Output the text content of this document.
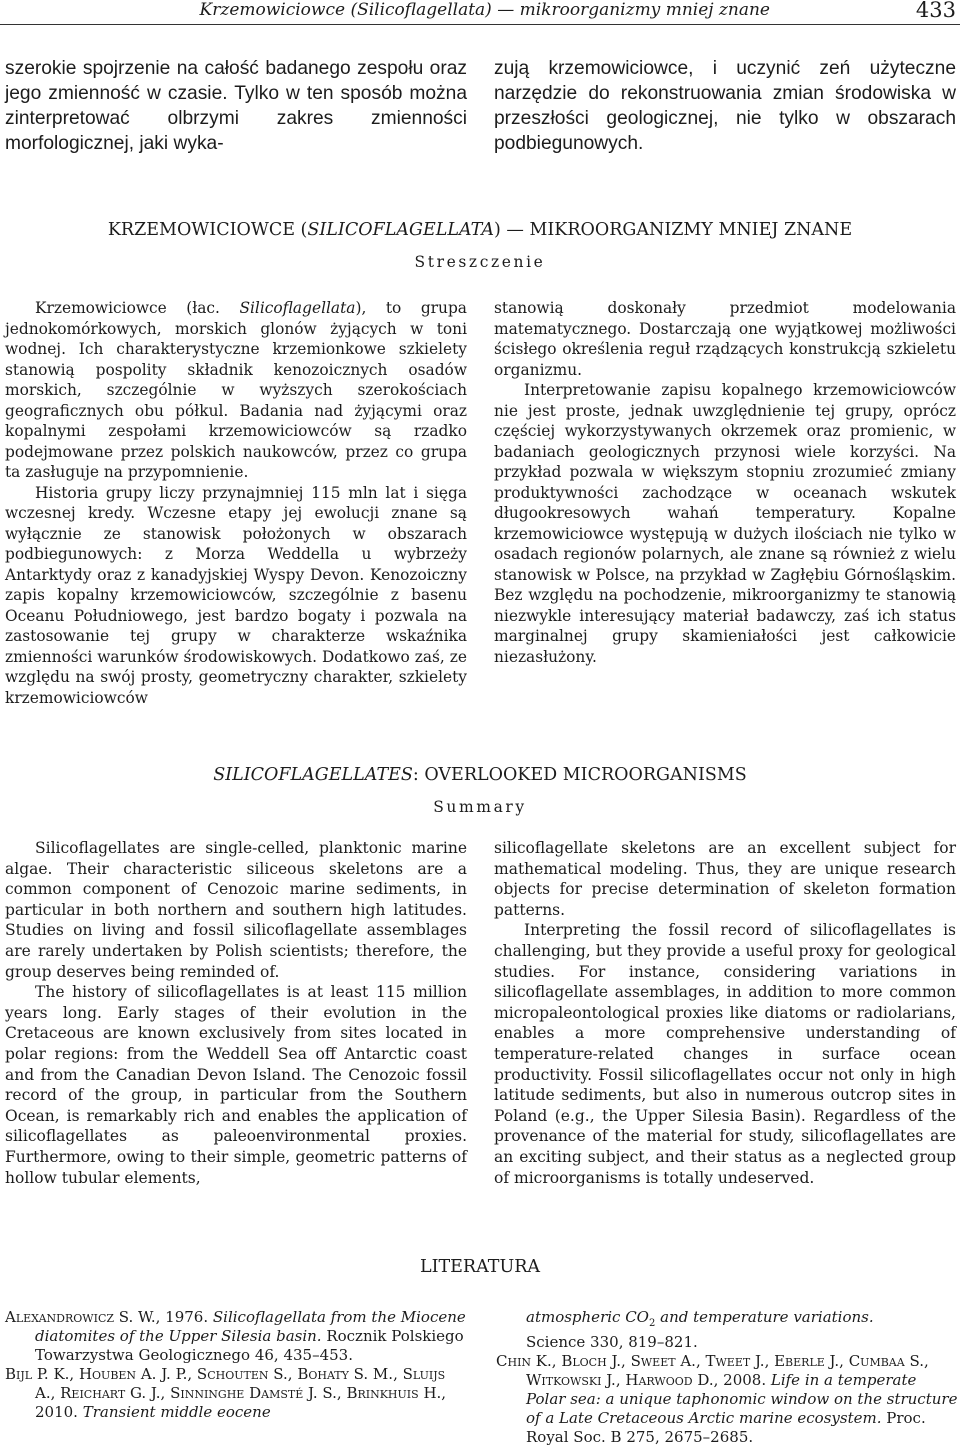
Krzemowiciowce (Silicoflagellata) — mikroorganizmy mniej znane	433

szerokie spojrzenie na całość badanego zespołu oraz jego zmienność w czasie. Tylko w ten sposób można zinterpretować olbrzymi zakres zmienności morfologicznej, jaki wyka-

zują krzemowiciowce, i uczynić zeń użyteczne narzędzie do rekonstruowania zmian środowiska w przeszłości geologicznej, nie tylko w obszarach podbiegunowych.

KRZEMOWICIOWCE (SILICOFLAGELLATA) — MIKROORGANIZMY MNIEJ ZNANE
Streszczenie

Krzemowiciowce (łac. Silicoflagellata), to grupa jednokomórkowych, morskich glonów żyjących w toni wodnej. Ich charakterystyczne krzemionkowe szkielety stanowią pospolity składnik kenozoicznych osadów morskich, szczególnie w wyższych szerokościach geograficznych obu półkul. Badania nad żyjącymi oraz kopalnymi zespołami krzemowiciowców są rzadko podejmowane przez polskich naukowców, przez co grupa ta zasługuje na przypomnienie.

Historia grupy liczy przynajmniej 115 mln lat i sięga wczesnej kredy. Wczesne etapy jej ewolucji znane są wyłącznie ze stanowisk położonych w obszarach podbiegunowych: z Morza Weddella u wybrzeży Antarktydy oraz z kanadyjskiej Wyspy Devon. Kenozoiczny zapis kopalny krzemowiciowców, szczególnie z basenu Oceanu Południowego, jest bardzo bogaty i pozwala na zastosowanie tej grupy w charakterze wskaźnika zmienności warunków środowiskowych. Dodatkowo zaś, ze względu na swój prosty, geometryczny charakter, szkielety krzemowiciowców

stanowią doskonały przedmiot modelowania matematycznego. Dostarczają one wyjątkowej możliwości ścisłego określenia reguł rządzących konstrukcją szkieletu organizmu.

Interpretowanie zapisu kopalnego krzemowiciowców nie jest proste, jednak uwzględnienie tej grupy, oprócz częściej wykorzystywanych okrzemek oraz promienic, w badaniach geologicznych przynosi wiele korzyści. Na przykład pozwala w większym stopniu zrozumieć zmiany produktywności zachodzące w oceanach wskutek długookresowych wahań temperatury. Kopalne krzemowiciowce występują w dużych ilościach nie tylko w osadach regionów polarnych, ale znane są również z wielu stanowisk w Polsce, na przykład w Zagłębiu Górnośląskim. Bez względu na pochodzenie, mikroorganizmy te stanowią niezwykle interesujący materiał badawczy, zaś ich status marginalnej grupy skamieniałości jest całkowicie niezasłużony.

SILICOFLAGELLATES: OVERLOOKED MICROORGANISMS
Summary

Silicoflagellates are single-celled, planktonic marine algae. Their characteristic siliceous skeletons are a common component of Cenozoic marine sediments, in particular in both northern and southern high latitudes. Studies on living and fossil silicoflagellate assemblages are rarely undertaken by Polish scientists; therefore, the group deserves being reminded of.

The history of silicoflagellates is at least 115 million years long. Early stages of their evolution in the Cretaceous are known exclusively from sites located in polar regions: from the Weddell Sea off Antarctic coast and from the Canadian Devon Island. The Cenozoic fossil record of the group, in particular from the Southern Ocean, is remarkably rich and enables the application of silicoflagellates as paleoenvironmental proxies. Furthermore, owing to their simple, geometric patterns of hollow tubular elements,

silicoflagellate skeletons are an excellent subject for mathematical modeling. Thus, they are unique research objects for precise determination of skeleton formation patterns.

Interpreting the fossil record of silicoflagellates is challenging, but they provide a useful proxy for geological studies. For instance, considering variations in silicoflagellate assemblages, in addition to more common micropaleontological proxies like diatoms or radiolarians, enables a more comprehensive understanding of temperature-related changes in surface ocean productivity. Fossil silicoflagellates occur not only in high latitude sediments, but also in numerous outcrop sites in Poland (e.g., the Upper Silesia Basin). Regardless of the provenance of the material for study, silicoflagellates are an exciting subject, and their status as a neglected group of microorganisms is totally undeserved.

LITERATURA

Alexandrowicz S. W., 1976. Silicoflagellata from the Miocene diatomites of the Upper Silesia basin. Rocznik Polskiego Towarzystwa Geologicznego 46, 435–453.

Bijl P. K., Houben A. J. P., Schouten S., Bohaty S. M., Sluijs A., Reichart G. J., Sinninghe Damsté J. S., Brinkhuis H., 2010. Transient middle eocene

atmospheric $CO_2$ and temperature variations.
Science 330, 819–821.

Chin K., Bloch J., Sweet A., Tweet J., Eberle J., Cumbaa S., Witkowski J., Harwood D., 2008. Life in a temperate Polar sea: a unique taphonomic window on the structure of a Late Cretaceous Arctic marine ecosystem. Proc. Royal Soc. B 275, 2675–2685.
